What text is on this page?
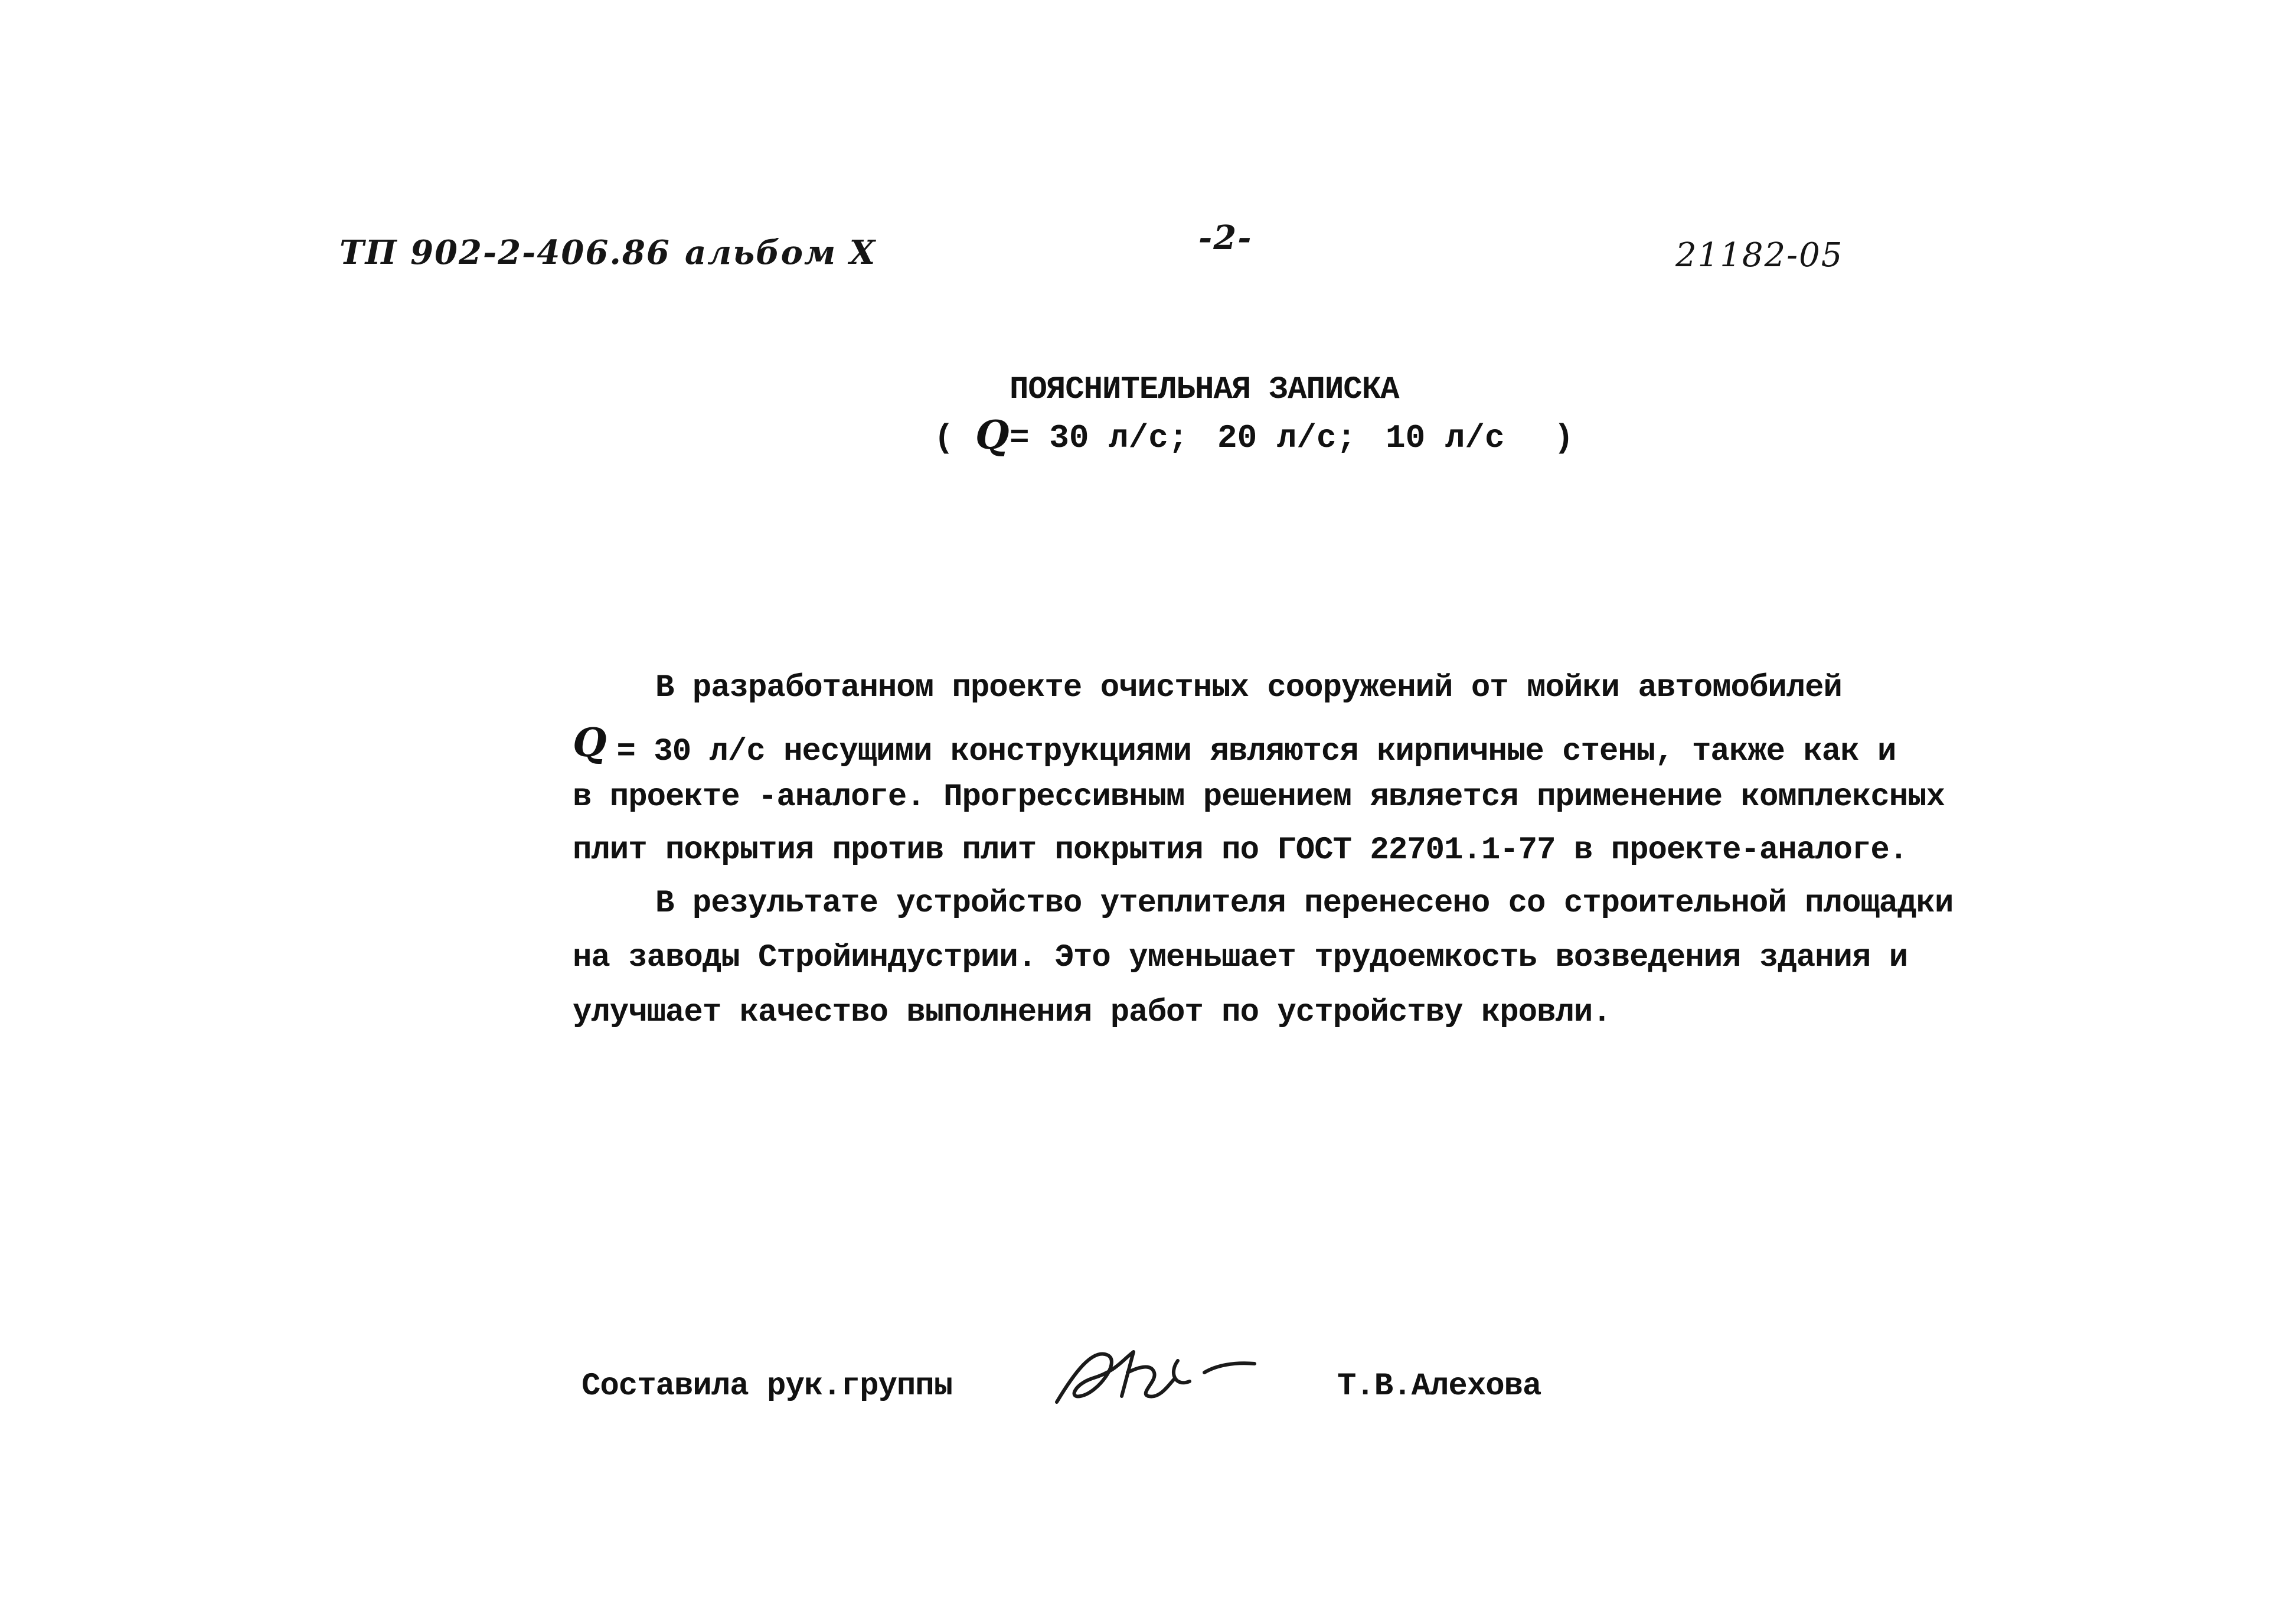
ТП 902-2-406.86 альбом X	-2-	21182-05
ПОЯСНИТЕЛЬНАЯ ЗАПИСКА
( Q = 30 л/с; 20 л/с; 10 л/с )
В разработанном проекте очистных сооружений от мойки автомобилей
Q = 30 л/с несущими конструкциями являются кирпичные стены, также как и
в проекте -аналоге. Прогрессивным решением является применение комплексных
плит покрытия против плит покрытия по ГОСТ 22701.1-77 в проекте-аналоге.
В результате устройство утеплителя перенесено со строительной площадки
на заводы Стройиндустрии. Это уменьшает трудоемкость возведения здания и
улучшает качество выполнения работ по устройству кровли.
Составила рук.группы	Т.В.Алехова
